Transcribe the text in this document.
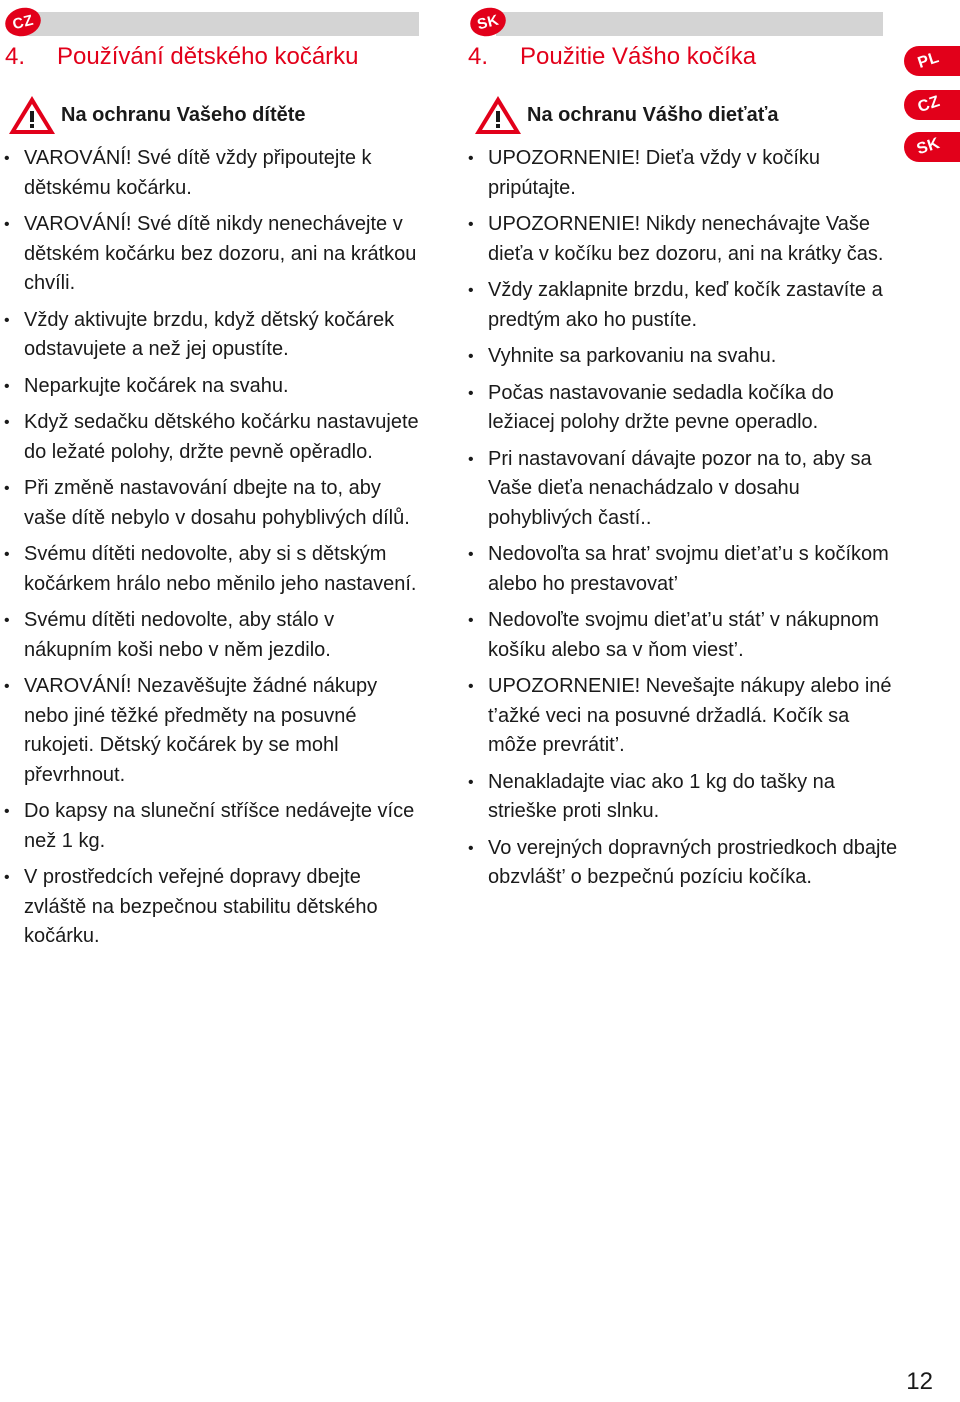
CZ
4. Používání dětského kočárku
Na ochranu Vašeho dítěte
• VAROVÁNÍ! Své dítě vždy připoutejte k dětskému kočárku.
• VAROVÁNÍ! Své dítě nikdy nenechávejte v dětském kočárku bez dozoru, ani na krátkou chvíli.
• Vždy aktivujte brzdu, když dětský kočárek odstavujete a než jej opustíte.
• Neparkujte kočárek na svahu.
• Když sedačku dětského kočárku nastavujete do ležaté polohy, držte pevně opěradlo.
• Při změně nastavování dbejte na to, aby vaše dítě nebylo v dosahu pohyblivých dílů.
• Svému dítěti nedovolte, aby si s dětským kočárkem hrálo nebo měnilo jeho nastavení.
• Svému dítěti nedovolte, aby stálo v nákupním koši nebo v něm jezdilo.
• VAROVÁNÍ! Nezavěšujte žádné nákupy nebo jiné těžké předměty na posuvné rukojeti. Dětský kočárek by se mohl převrhnout.
• Do kapsy na sluneční stříšce nedávejte více než 1 kg.
• V prostředcích veřejné dopravy dbejte zvláště na bezpečnou stabilitu dětského kočárku.
SK
4. Použitie Vášho kočíka
Na ochranu Vášho dieťaťa
• UPOZORNENIE! Dieťa vždy v kočíku pripútajte.
• UPOZORNENIE! Nikdy nenechávajte Vaše dieťa v kočíku bez dozoru, ani na krátky čas.
• Vždy zaklapnite brzdu, keď kočík zastavíte a predtým ako ho pustíte.
• Vyhnite sa parkovaniu na svahu.
• Počas nastavovanie sedadla kočíka do ležiacej polohy držte pevne operadlo.
• Pri nastavovaní dávajte pozor na to, aby sa Vaše dieťa nenachádzalo v dosahu pohyblivých častí..
• Nedovoľta sa hrat’ svojmu diet’at’u s kočíkom alebo ho prestavovat’
• Nedovoľte svojmu diet’at’u stát’ v nákupnom košíku alebo sa v ňom viest’.
• UPOZORNENIE! Nevešajte nákupy alebo iné t’ažké veci na posuvné držadlá. Kočík sa môže prevrátit’.
• Nenakladajte viac ako 1 kg do tašky na strieške proti slnku.
• Vo verejných dopravných prostriedkoch dbajte obzvlášt’ o bezpečnú pozíciu kočíka.
PL
CZ
SK
12
